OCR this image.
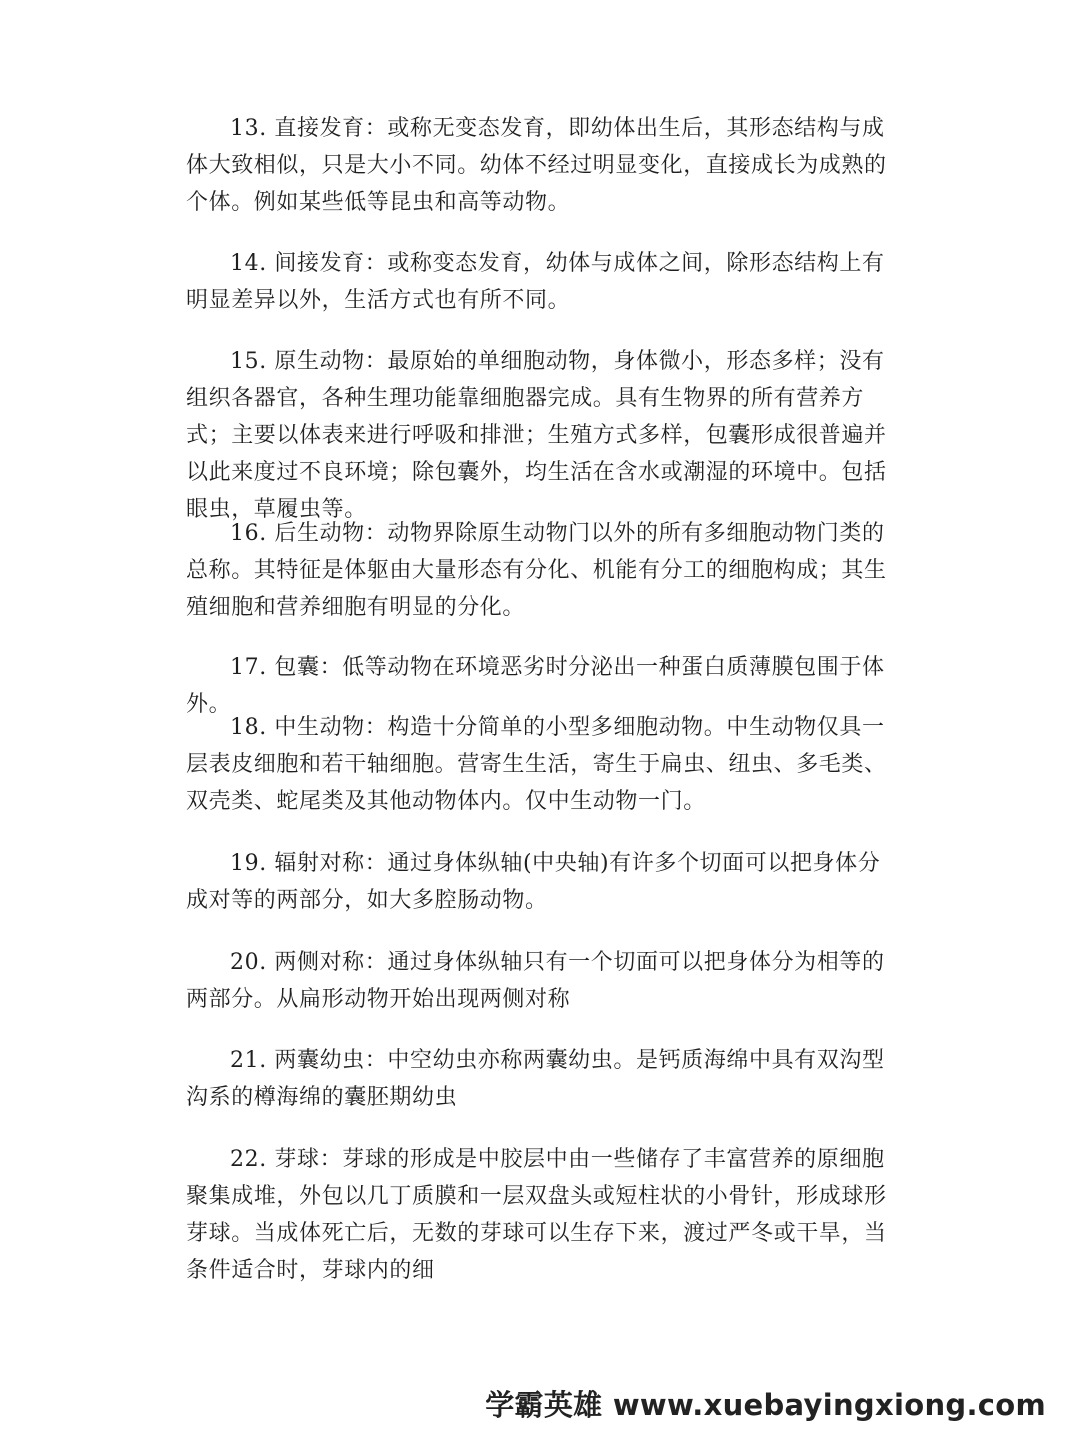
13. 直接发育：或称无变态发育，即幼体出生后，其形态结构与成体大致相似，只是大小不同。幼体不经过明显变化，直接成长为成熟的个体。例如某些低等昆虫和高等动物。

14. 间接发育：或称变态发育，幼体与成体之间，除形态结构上有明显差异以外，生活方式也有所不同。

15. 原生动物：最原始的单细胞动物，身体微小，形态多样；没有组织各器官，各种生理功能靠细胞器完成。具有生物界的所有营养方式；主要以体表来进行呼吸和排泄；生殖方式多样，包囊形成很普遍并以此来度过不良环境；除包囊外，均生活在含水或潮湿的环境中。包括眼虫，草履虫等。

16. 后生动物：动物界除原生动物门以外的所有多细胞动物门类的总称。其特征是体躯由大量形态有分化、机能有分工的细胞构成；其生殖细胞和营养细胞有明显的分化。

17. 包囊：低等动物在环境恶劣时分泌出一种蛋白质薄膜包围于体外。

18. 中生动物：构造十分简单的小型多细胞动物。中生动物仅具一层表皮细胞和若干轴细胞。营寄生生活，寄生于扁虫、纽虫、多毛类、双壳类、蛇尾类及其他动物体内。仅中生动物一门。

19. 辐射对称：通过身体纵轴(中央轴)有许多个切面可以把身体分成对等的两部分，如大多腔肠动物。

20. 两侧对称：通过身体纵轴只有一个切面可以把身体分为相等的两部分。从扁形动物开始出现两侧对称

21. 两囊幼虫：中空幼虫亦称两囊幼虫。是钙质海绵中具有双沟型沟系的樽海绵的囊胚期幼虫

22. 芽球：芽球的形成是中胶层中由一些储存了丰富营养的原细胞聚集成堆，外包以几丁质膜和一层双盘头或短柱状的小骨针，形成球形芽球。当成体死亡后，无数的芽球可以生存下来，渡过严冬或干旱，当条件适合时，芽球内的细

学霸英雄 www.xuebayingxiong.com
